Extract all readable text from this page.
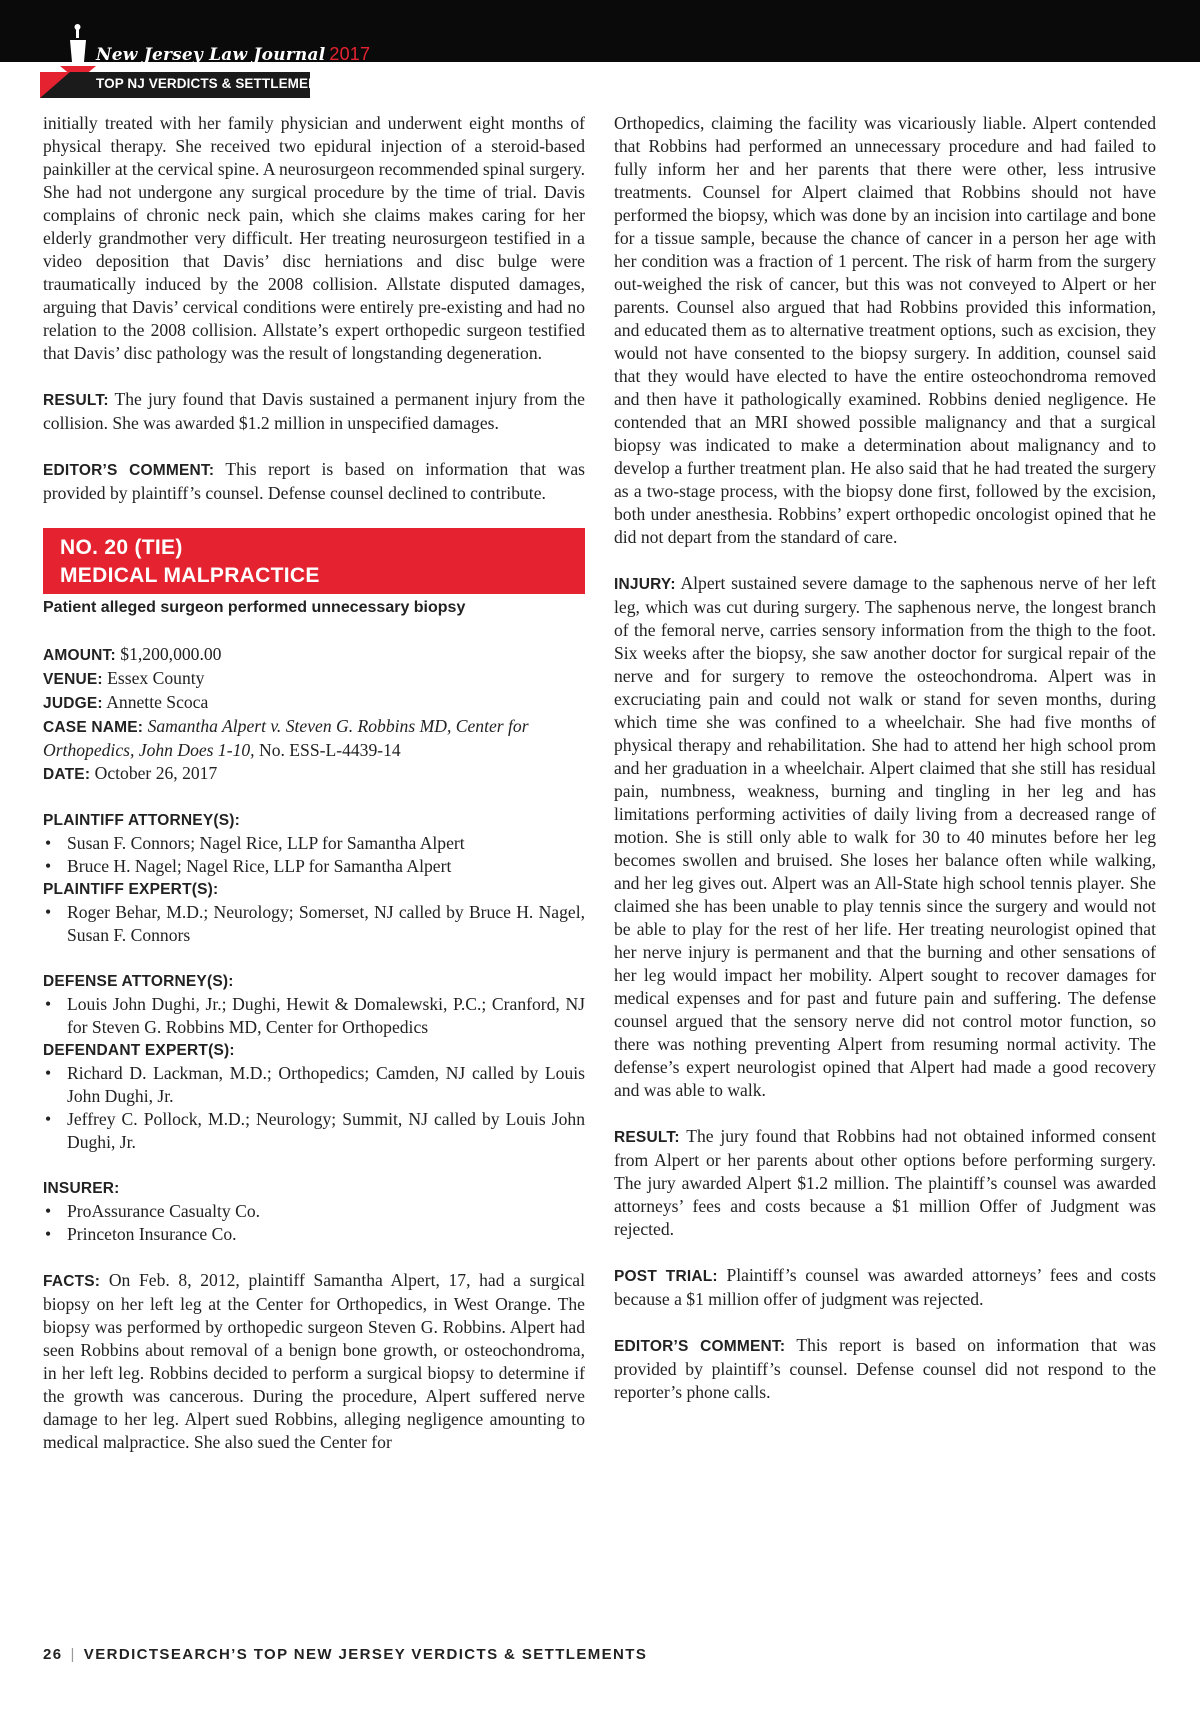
New Jersey Law Journal 2017
TOP NJ VERDICTS & SETTLEMENTS

initially treated with her family physician and underwent eight months of physical therapy. She received two epidural injection of a steroid-based painkiller at the cervical spine. A neurosurgeon recommended spinal surgery. She had not undergone any surgical procedure by the time of trial. Davis complains of chronic neck pain, which she claims makes caring for her elderly grandmother very difficult. Her treating neurosurgeon testified in a video deposition that Davis’ disc herniations and disc bulge were traumatically induced by the 2008 collision. Allstate disputed damages, arguing that Davis’ cervical conditions were entirely pre-existing and had no relation to the 2008 collision. Allstate’s expert orthopedic surgeon testified that Davis’ disc pathology was the result of longstanding degeneration.

RESULT: The jury found that Davis sustained a permanent injury from the collision. She was awarded $1.2 million in unspecified damages.

EDITOR’S COMMENT: This report is based on information that was provided by plaintiff’s counsel. Defense counsel declined to contribute.

NO. 20 (TIE)
MEDICAL MALPRACTICE
Patient alleged surgeon performed unnecessary biopsy

AMOUNT: $1,200,000.00

VENUE: Essex County

JUDGE: Annette Scoca

CASE NAME: Samantha Alpert v. Steven G. Robbins MD, Center for Orthopedics, John Does 1-10, No. ESS-L-4439-14

DATE: October 26, 2017

PLAINTIFF ATTORNEY(S):

• Susan F. Connors; Nagel Rice, LLP for Samantha Alpert
• Bruce H. Nagel; Nagel Rice, LLP for Samantha Alpert

PLAINTIFF EXPERT(S):

• Roger Behar, M.D.; Neurology; Somerset, NJ called by Bruce H. Nagel, Susan F. Connors

DEFENSE ATTORNEY(S):

• Louis John Dughi, Jr.; Dughi, Hewit & Domalewski, P.C.; Cranford, NJ for Steven G. Robbins MD, Center for Orthopedics

DEFENDANT EXPERT(S):

• Richard D. Lackman, M.D.; Orthopedics; Camden, NJ called by Louis John Dughi, Jr.
• Jeffrey C. Pollock, M.D.; Neurology; Summit, NJ called by Louis John Dughi, Jr.

INSURER:

• ProAssurance Casualty Co.
• Princeton Insurance Co.

FACTS: On Feb. 8, 2012, plaintiff Samantha Alpert, 17, had a surgical biopsy on her left leg at the Center for Orthopedics, in West Orange. The biopsy was performed by orthopedic surgeon Steven G. Robbins. Alpert had seen Robbins about removal of a benign bone growth, or osteochondroma, in her left leg. Robbins decided to perform a surgical biopsy to determine if the growth was cancerous. During the procedure, Alpert suffered nerve damage to her leg. Alpert sued Robbins, alleging negligence amounting to medical malpractice. She also sued the Center for

Orthopedics, claiming the facility was vicariously liable. Alpert contended that Robbins had performed an unnecessary procedure and had failed to fully inform her and her parents that there were other, less intrusive treatments. Counsel for Alpert claimed that Robbins should not have performed the biopsy, which was done by an incision into cartilage and bone for a tissue sample, because the chance of cancer in a person her age with her condition was a fraction of 1 percent. The risk of harm from the surgery out-weighed the risk of cancer, but this was not conveyed to Alpert or her parents. Counsel also argued that had Robbins provided this information, and educated them as to alternative treatment options, such as excision, they would not have consented to the biopsy surgery. In addition, counsel said that they would have elected to have the entire osteochondroma removed and then have it pathologically examined. Robbins denied negligence. He contended that an MRI showed possible malignancy and that a surgical biopsy was indicated to make a determination about malignancy and to develop a further treatment plan. He also said that he had treated the surgery as a two-stage process, with the biopsy done first, followed by the excision, both under anesthesia. Robbins’ expert orthopedic oncologist opined that he did not depart from the standard of care.

INJURY: Alpert sustained severe damage to the saphenous nerve of her left leg, which was cut during surgery. The saphenous nerve, the longest branch of the femoral nerve, carries sensory information from the thigh to the foot. Six weeks after the biopsy, she saw another doctor for surgical repair of the nerve and for surgery to remove the osteochondroma. Alpert was in excruciating pain and could not walk or stand for seven months, during which time she was confined to a wheelchair. She had five months of physical therapy and rehabilitation. She had to attend her high school prom and her graduation in a wheelchair. Alpert claimed that she still has residual pain, numbness, weakness, burning and tingling in her leg and has limitations performing activities of daily living from a decreased range of motion. She is still only able to walk for 30 to 40 minutes before her leg becomes swollen and bruised. She loses her balance often while walking, and her leg gives out. Alpert was an All-State high school tennis player. She claimed she has been unable to play tennis since the surgery and would not be able to play for the rest of her life. Her treating neurologist opined that her nerve injury is permanent and that the burning and other sensations of her leg would impact her mobility. Alpert sought to recover damages for medical expenses and for past and future pain and suffering. The defense counsel argued that the sensory nerve did not control motor function, so there was nothing preventing Alpert from resuming normal activity. The defense’s expert neurologist opined that Alpert had made a good recovery and was able to walk.

RESULT: The jury found that Robbins had not obtained informed consent from Alpert or her parents about other options before performing surgery. The jury awarded Alpert $1.2 million. The plaintiff’s counsel was awarded attorneys’ fees and costs because a $1 million Offer of Judgment was rejected.

POST TRIAL: Plaintiff’s counsel was awarded attorneys’ fees and costs because a $1 million offer of judgment was rejected.

EDITOR’S COMMENT: This report is based on information that was provided by plaintiff’s counsel. Defense counsel did not respond to the reporter’s phone calls.

26 | VERDICTSEARCH’S TOP NEW JERSEY VERDICTS & SETTLEMENTS
